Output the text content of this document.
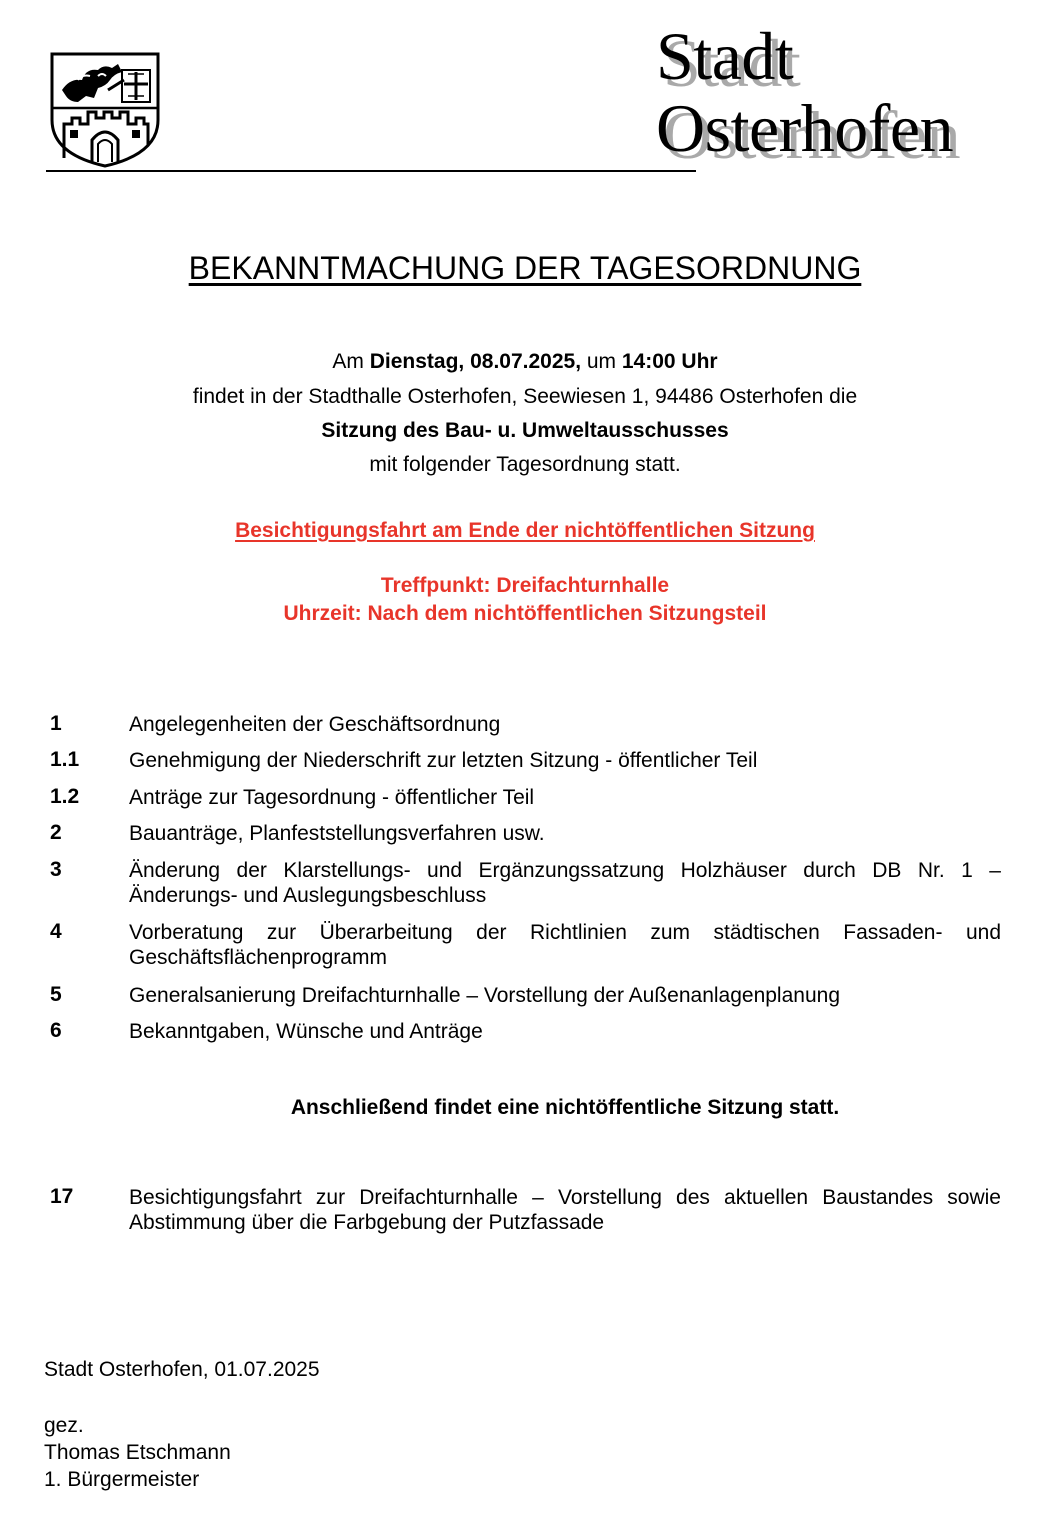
Stadt
Osterhofen
BEKANNTMACHUNG DER TAGESORDNUNG
Am Dienstag, 08.07.2025, um 14:00 Uhr
findet in der Stadthalle Osterhofen, Seewiesen 1, 94486 Osterhofen die
Sitzung des Bau- u. Umweltausschusses
mit folgender Tagesordnung statt.
Besichtigungsfahrt am Ende der nichtöffentlichen Sitzung
Treffpunkt: Dreifachturnhalle
Uhrzeit: Nach dem nichtöffentlichen Sitzungsteil
1	Angelegenheiten der Geschäftsordnung
1.1 Genehmigung der Niederschrift zur letzten Sitzung - öffentlicher Teil
1.2 Anträge zur Tagesordnung - öffentlicher Teil
2	Bauanträge, Planfeststellungsverfahren usw.
3	Änderung der Klarstellungs- und Ergänzungssatzung Holzhäuser durch DB Nr. 1 – Änderungs- und Auslegungsbeschluss
4	Vorberatung zur Überarbeitung der Richtlinien zum städtischen Fassaden- und Geschäftsflächenprogramm
5	Generalsanierung Dreifachturnhalle – Vorstellung der Außenanlagenplanung
6	Bekanntgaben, Wünsche und Anträge
Anschließend findet eine nichtöffentliche Sitzung statt.
17	Besichtigungsfahrt zur Dreifachturnhalle – Vorstellung des aktuellen Baustandes sowie Abstimmung über die Farbgebung der Putzfassade
Stadt Osterhofen, 01.07.2025
gez.
Thomas Etschmann
1. Bürgermeister
